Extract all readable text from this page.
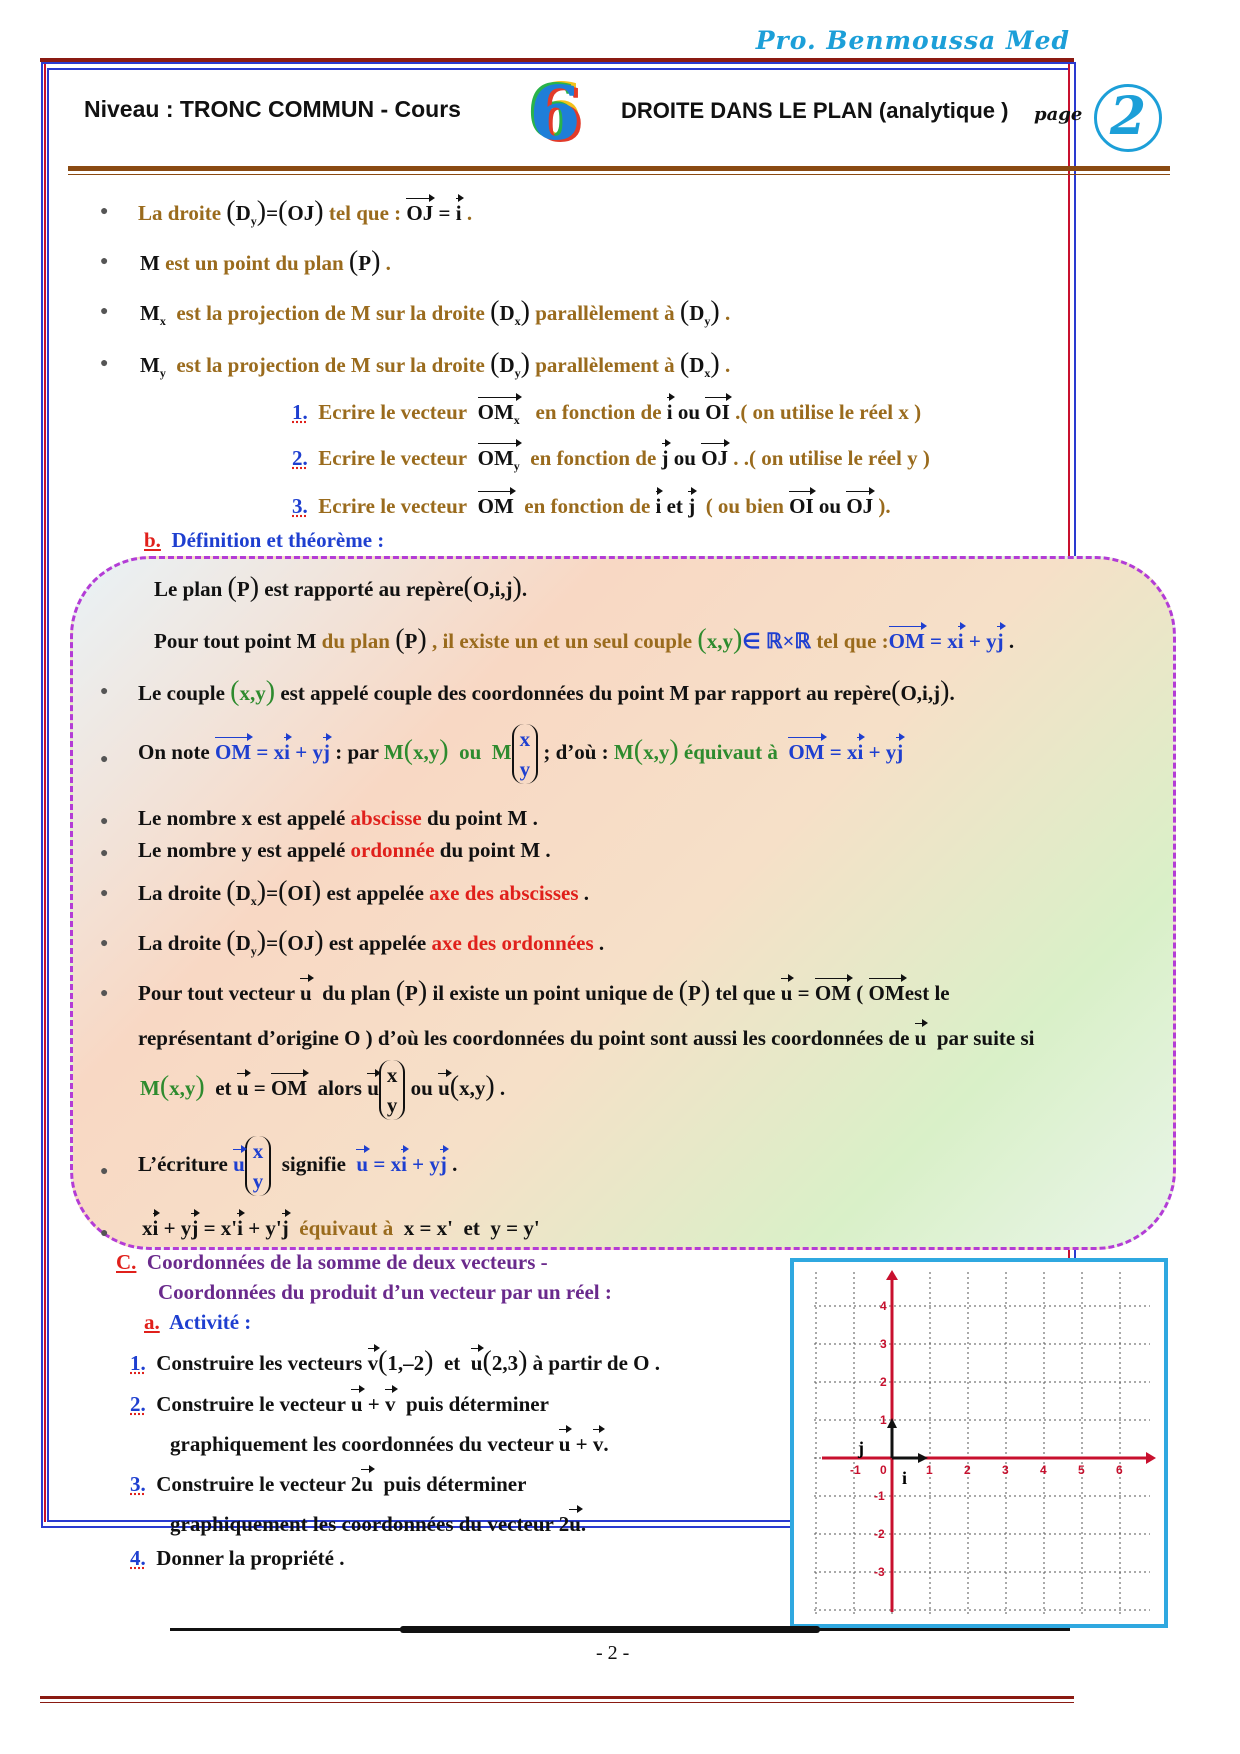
Pro. Benmoussa Med
Niveau : TRONC COMMUN - Cours 6	DROITE DANS LE PLAN (analytique ) page 2
● La droite $(D_y)=(OJ)$ tel que : OJ = i .
● M est un point du plan (P) .
● $M_x$ est la projection de M sur la droite $(D_x)$ parallèlement à $(D_y)$ .
● $M_y$ est la projection de M sur la droite $(D_y)$ parallèlement à $(D_x)$ .
1. Ecrire le vecteur $OM_x$ en fonction de i ou OI .( on utilise le réel x )
2. Ecrire le vecteur $OM_y$ en fonction de j ou OJ . .( on utilise le réel y )
3. Ecrire le vecteur OM en fonction de i et j ( ou bien OI ou OJ ).
b. Définition et théorème :
Le plan (P) est rapporté au repère(O,i,j).
Pour tout point M du plan (P) , il existe un et un seul couple (x,y)∈ ℝ×ℝ tel que :OM = xi + yj .
● Le couple (x,y) est appelé couple des coordonnées du point M par rapport au repère(O,i,j).
● On note OM = xi + yj : par M(x,y) ou Mx
y ; d’où : M(x,y) équivaut à OM = xi + yj
● Le nombre x est appelé abscisse du point M .
● Le nombre y est appelé ordonnée du point M .
● La droite $(D_x)=(OI)$ est appelée axe des abscisses .
● La droite $(D_y)=(OJ)$ est appelée axe des ordonnées .
● Pour tout vecteur u du plan (P) il existe un point unique de (P) tel que u = OM ( OMest le
représentant d’origine O ) d’où les coordonnées du point sont aussi les coordonnées de u par suite si
M(x,y) et u = OM alors ux
y ou u(x,y) .
● L’écriture ux
y  signifie u = xi + yj .
● xi + yj = x'i + y'j équivaut à  x = x'  et  y = y'
C. Coordonnées de la somme de deux vecteurs -
Coordonnées du produit d’un vecteur par un réel :
a. Activité :
1. Construire les vecteurs v(1,–2) et u(2,3) à partir de O .
2. Construire le vecteur u + v puis déterminer
graphiquement les coordonnées du vecteur u + v.
3. Construire le vecteur 2u puis déterminer
graphiquement les coordonnées du vecteur 2u.
4. Donner la propriété .
i
j
-1 0	1	2	3	4	5	6
4
3
2
1
-1
-2
-3
- 2 -
